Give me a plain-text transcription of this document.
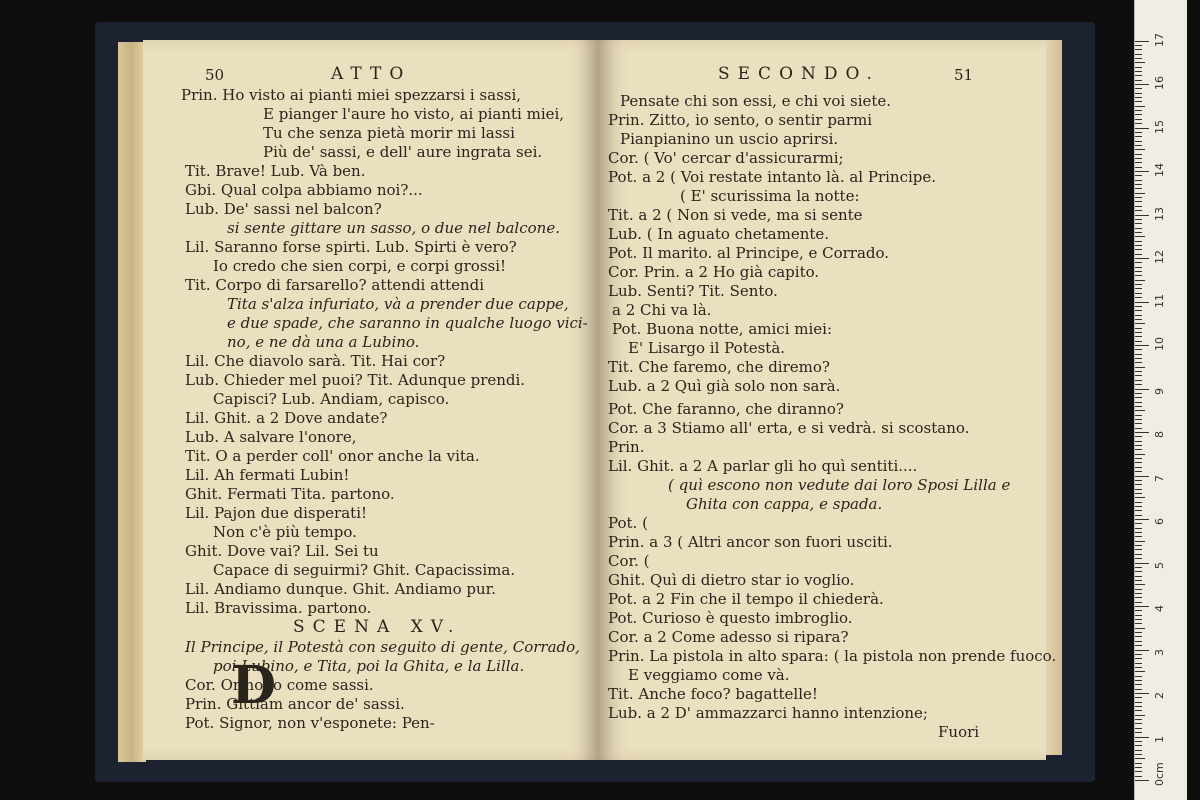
50	ATTO
Prin. Ho visto ai pianti miei spezzarsi i sassi,
E pianger l'aure ho visto, ai pianti miei,
Tu che senza pietà morir mi lassi
Più de' sassi, e dell' aure ingrata sei.
Tit. Brave! Lub. Và ben.
Gbi. Qual colpa abbiamo noi?...
Lub. De' sassi nel balcon?
si sente gittare un sasso, o due nel balcone.
Lil. Saranno forse spirti. Lub. Spirti è vero?
Io credo che sien corpi, e corpi grossi!
Tit. Corpo di farsarello? attendi attendi
Tita s'alza infuriato, và a prender due cappe,
e due spade, che saranno in qualche luogo vici-
no, e ne dà una a Lubino.
Lil. Che diavolo sarà. Tit. Hai cor?
Lub. Chieder mel puoi? Tit. Adunque prendi.
Capisci? Lub. Andiam, capisco.
Lil. Ghit. a 2 Dove andate?
Lub. A salvare l'onore,
Tit. O a perder coll' onor anche la vita.
Lil. Ah fermati Lubin!
Ghit. Fermati Tita. partono.
Lil. Pajon due disperati!
Non c'è più tempo.
Ghit. Dove vai? Lil. Sei tu
Capace di seguirmi? Ghit. Capacissima.
Lil. Andiamo dunque. Ghit. Andiamo pur.
Lil. Bravissima. partono.
SCENA XV.
Il Principe, il Potestà con seguito di gente, Corrado,
poi Lubino, e Tita, poi la Ghita, e la Lilla.
D
Cor. Ormono come sassi.
Prin. Gittiam ancor de' sassi.
Pot. Signor, non v'esponete: Pen-
SECONDO.	51
Pensate chi son essi, e chi voi siete.
Prin. Zitto, io sento, o sentir parmi
Pianpianino un uscio aprirsi.
Cor. ( Vo' cercar d'assicurarmi;
Pot. a 2 ( Voi restate intanto là. al Principe.
( E' scurissima la notte:
Tit. a 2 ( Non si vede, ma si sente
Lub. ( In aguato chetamente.
Pot. Il marito. al Principe, e Corrado.
Cor. Prin. a 2 Ho già capito.
Lub. Senti? Tit. Sento.
a 2 Chi va là.
Pot. Buona notte, amici miei:
E' Lisargo il Potestà.
Tit. Che faremo, che diremo?
Lub. a 2 Quì già solo non sarà.
Pot. Che faranno, che diranno?
Cor. a 3 Stiamo all' erta, e si vedrà. si scostano.
Prin.
Lil. Ghit. a 2 A parlar gli ho quì sentiti....
( quì escono non vedute dai loro Sposi Lilla e
Ghita con cappa, e spada.
Pot. (
Prin. a 3 ( Altri ancor son fuori usciti.
Cor. (
Ghit. Quì di dietro star io voglio.
Pot. a 2 Fin che il tempo il chiederà.
Pot. Curioso è questo imbroglio.
Cor. a 2 Come adesso si ripara?
Prin. La pistola in alto spara: ( la pistola non prende fuoco.
E veggiamo come và.
Tit. Anche foco? bagattelle!
Lub. a 2 D' ammazzarci hanno intenzione;
Fuori
0cm
1
2
3
4
5
6
7
8
9
10
11
12
13
14
15
16
17
